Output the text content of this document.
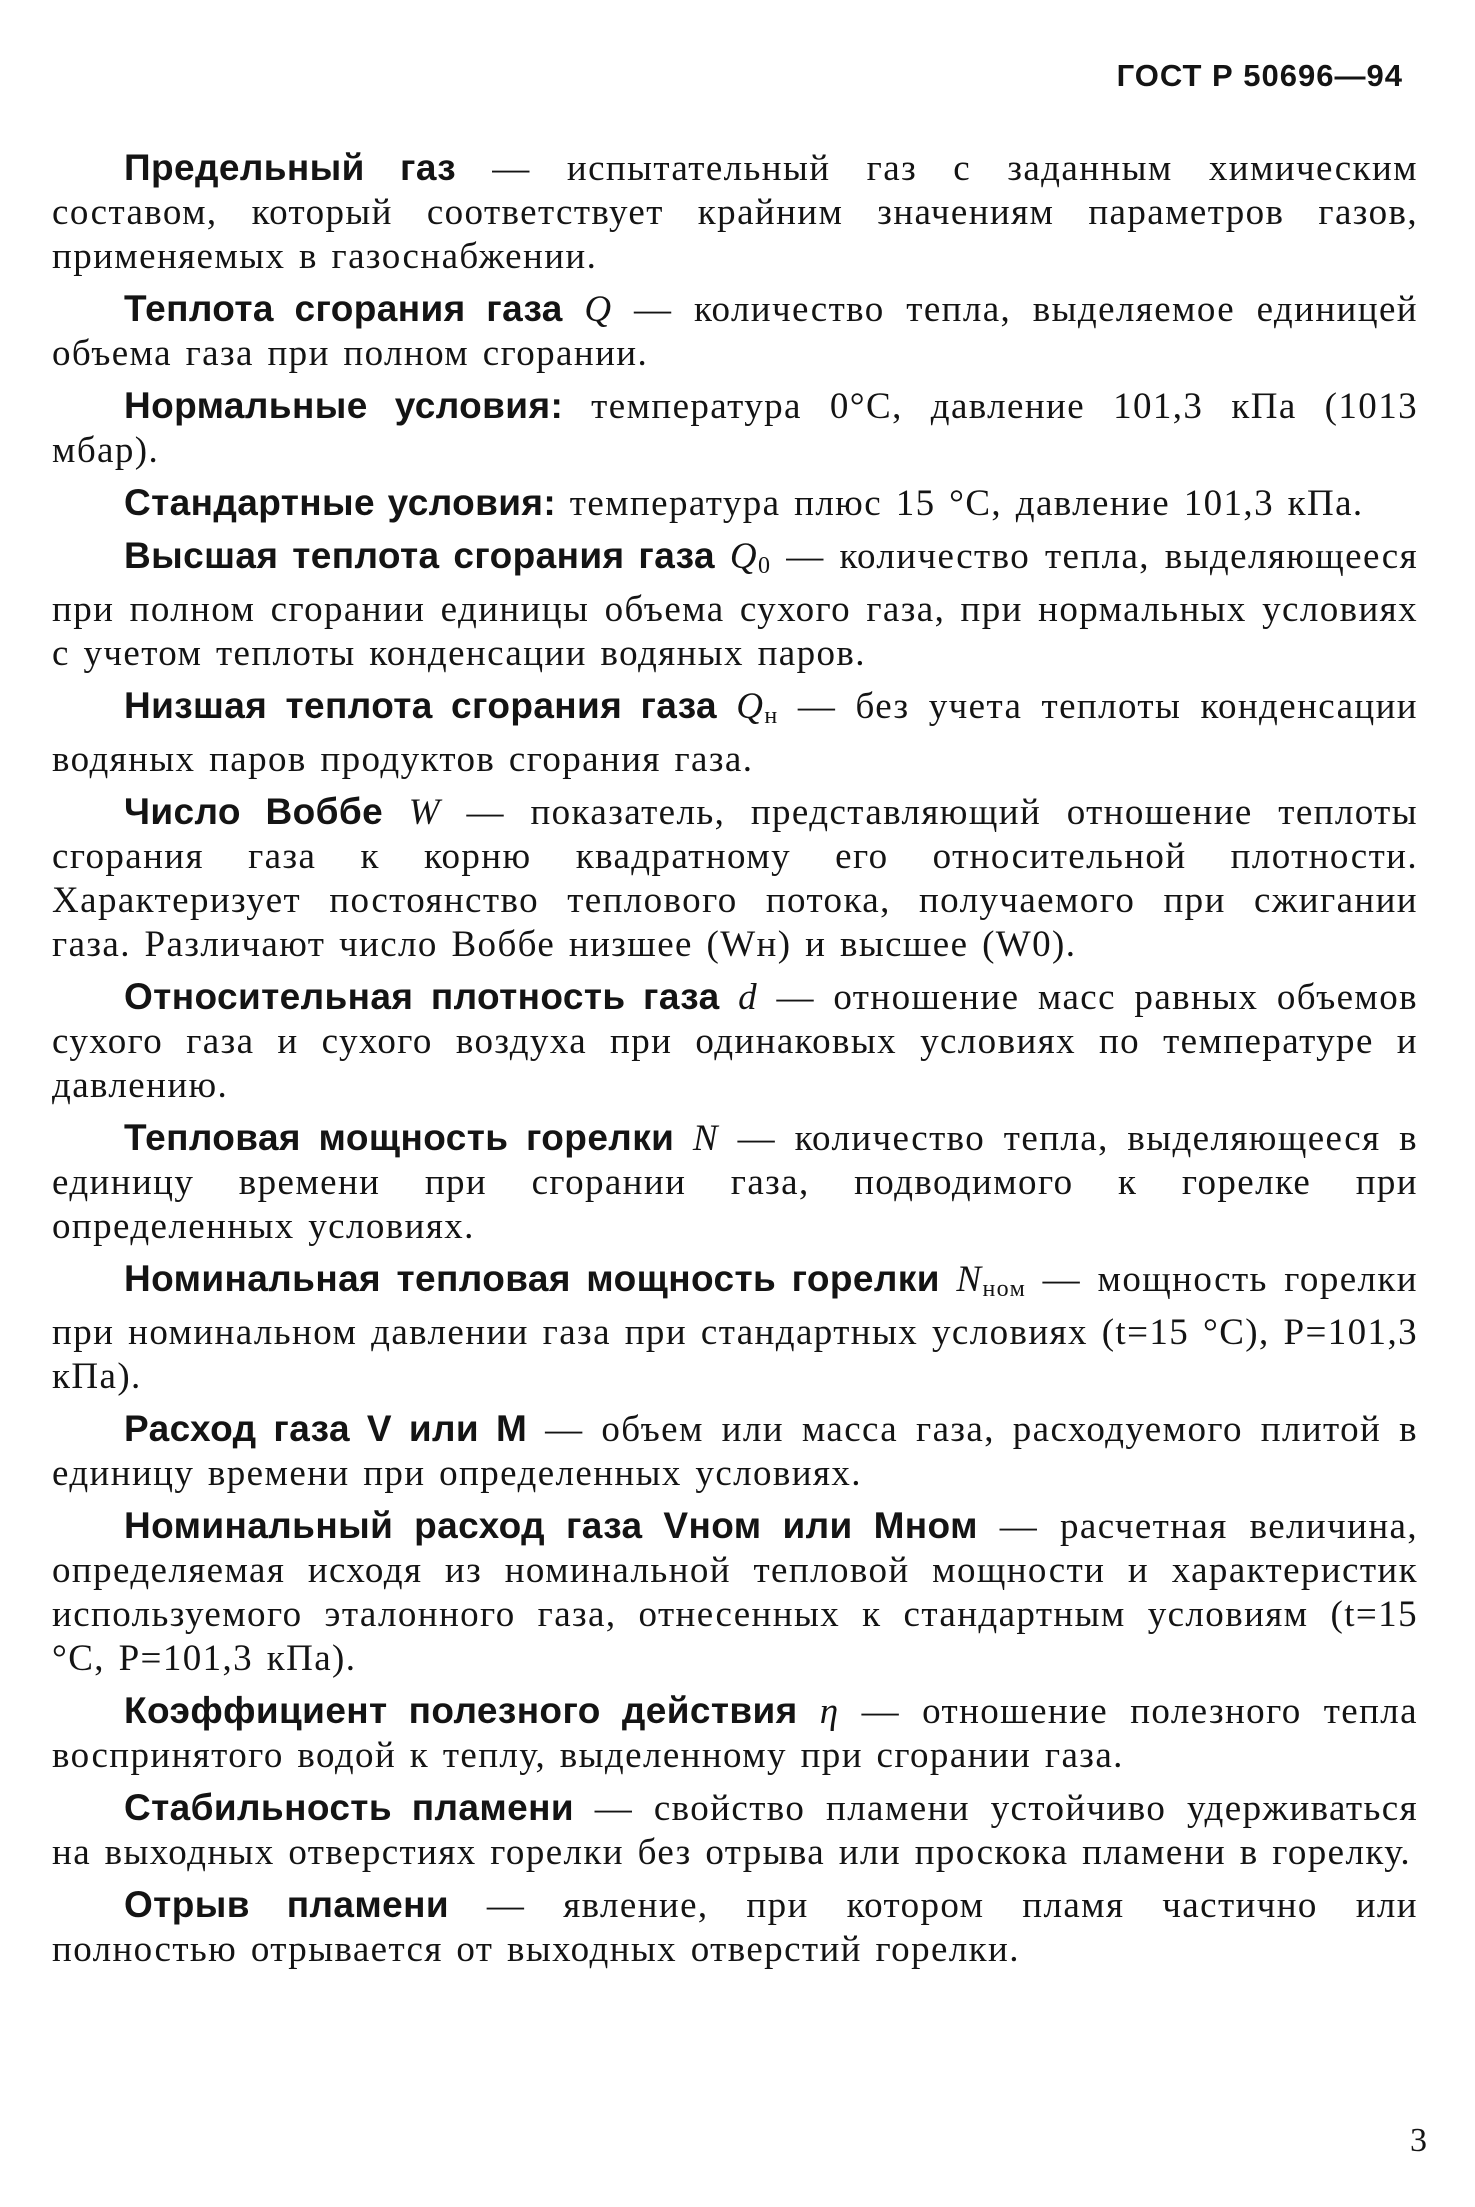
ГОСТ Р 50696—94

Предельный газ — испытательный газ с заданным химическим составом, который соответствует крайним значениям параметров газов, применяемых в газоснабжении.

Теплота сгорания газа Q — количество тепла, выделяемое единицей объема газа при полном сгорании.

Нормальные условия: температура 0°С, давление 101,3 кПа (1013 мбар).

Стандартные условия: температура плюс 15 °С, давление 101,3 кПа.

Высшая теплота сгорания газа $Q_0$ — количество тепла, выделяющееся при полном сгорании единицы объема сухого газа, при нормальных условиях с учетом теплоты конденсации водяных паров.

Низшая теплота сгорания газа $Q_н$ — без учета теплоты конденсации водяных паров продуктов сгорания газа.

Число Воббе W — показатель, представляющий отношение теплоты сгорания газа к корню квадратному его относительной плотности. Характеризует постоянство теплового потока, получаемого при сжигании газа. Различают число Воббе низшее (Wн) и высшее (W0).

Относительная плотность газа d — отношение масс равных объемов сухого газа и сухого воздуха при одинаковых условиях по температуре и давлению.

Тепловая мощность горелки N — количество тепла, выделяющееся в единицу времени при сгорании газа, подводимого к горелке при определенных условиях.

Номинальная тепловая мощность горелки $N_{ном}$ — мощность горелки при номинальном давлении газа при стандартных условиях (t=15 °С), P=101,3 кПа).

Расход газа V или M — объем или масса газа, расходуемого плитой в единицу времени при определенных условиях.

Номинальный расход газа Vном или Mном — расчетная величина, определяемая исходя из номинальной тепловой мощности и характеристик используемого эталонного газа, отнесенных к стандартным условиям (t=15 °С, P=101,3 кПа).

Коэффициент полезного действия η — отношение полезного тепла воспринятого водой к теплу, выделенному при сгорании газа.

Стабильность пламени — свойство пламени устойчиво удерживаться на выходных отверстиях горелки без отрыва или проскока пламени в горелку.

Отрыв пламени — явление, при котором пламя частично или полностью отрывается от выходных отверстий горелки.

3
